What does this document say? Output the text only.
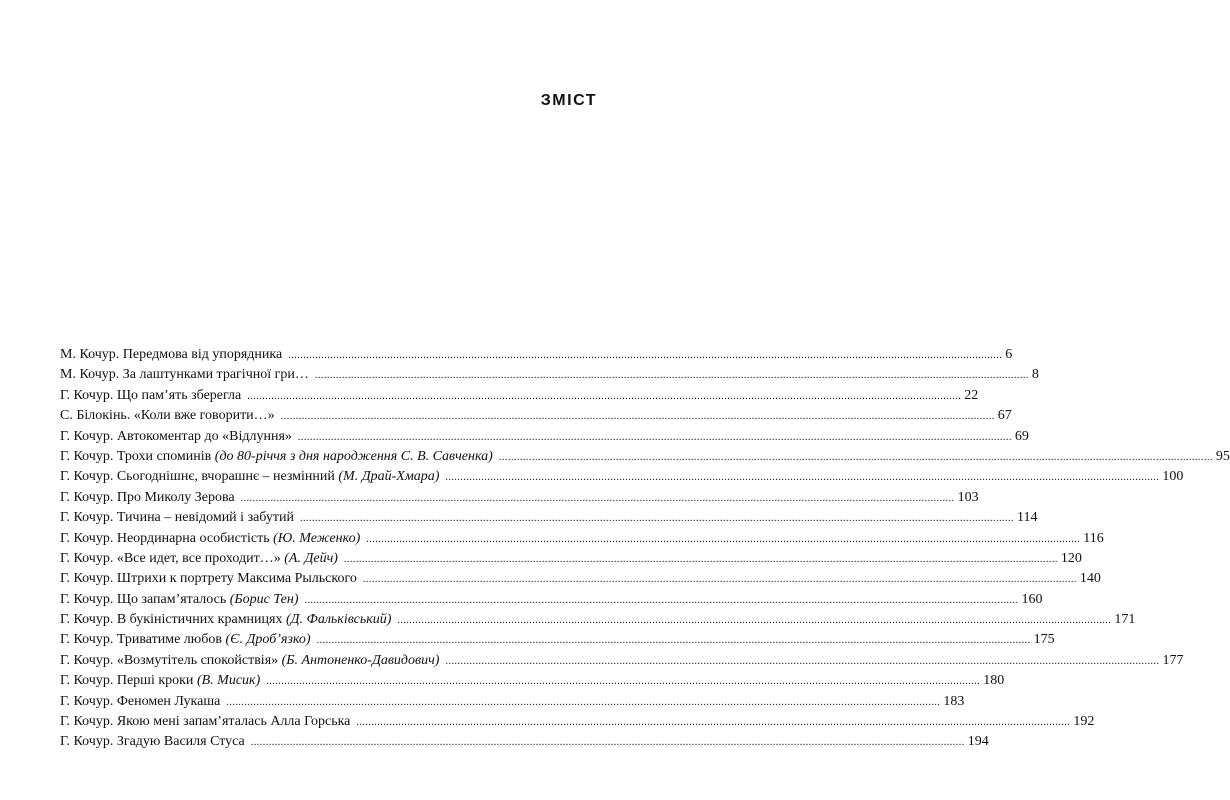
ЗМІСТ
М. Кочур. Передмова від упорядника .....	6
М. Кочур. За лаштунками трагічної гри… .....	8
Г. Кочур. Що пам’ять зберегла .....	22
С. Білокінь. «Коли вже говорити…» .....	67
Г. Кочур. Автокоментар до «Відлуння» .....	69
Г. Кочур. Трохи споминів (до 80-річчя з дня народження С. В. Савченка) .....	95
Г. Кочур. Сьогоднішнє, вчорашнє – незмінний (М. Драй-Хмара) .....	100
Г. Кочур. Про Миколу Зерова .....	103
Г. Кочур. Тичина – невідомий і забутий .....	114
Г. Кочур. Неординарна особистість (Ю. Меженко) .....	116
Г. Кочур. «Все идет, все проходит…» (А. Дейч) .....	120
Г. Кочур. Штрихи к портрету Максима Рыльского .....	140
Г. Кочур. Що запам’яталось (Борис Тен) .....	160
Г. Кочур. В букіністичних крамницях (Д. Фальківський) .....	171
Г. Кочур. Триватиме любов (Є. Дроб’язко) .....	175
Г. Кочур. «Возмутітель спокойствія» (Б. Антоненко-Давидович) .....	177
Г. Кочур. Перші кроки (В. Мисик) .....	180
Г. Кочур. Феномен Лукаша .....	183
Г. Кочур. Якою мені запам’яталась Алла Горська .....	192
Г. Кочур. Згадую Василя Стуса .....	194
